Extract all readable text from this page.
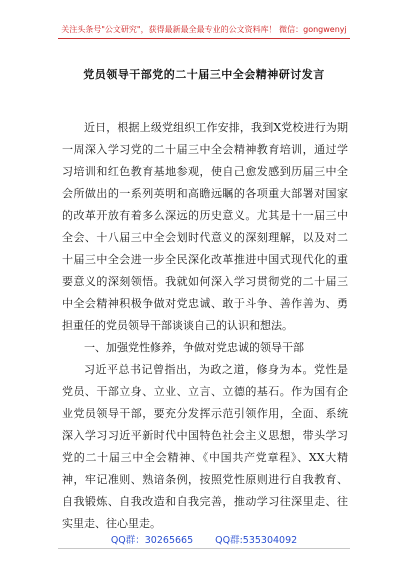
关注头条号"公文研究"，获得最新最全最专业的公文资料库！ 微信：gongwenyj
党员领导干部党的二十届三中全会精神研讨发言
近日，根据上级党组织工作安排，我到X党校进行为期
一周深入学习党的二十届三中全会精神教育培训，通过学
习培训和红色教育基地参观，使自己愈发感到历届三中全
会所做出的一系列英明和高瞻远瞩的各项重大部署对国家
的改革开放有着多么深远的历史意义。尤其是十一届三中
全会、十八届三中全会划时代意义的深刻理解，以及对二
十届三中全会进一步全民深化改革推进中国式现代化的重
要意义的深刻领悟。我就如何深入学习贯彻党的二十届三
中全会精神积极争做对党忠诚、敢于斗争、善作善为、勇
担重任的党员领导干部谈谈自己的认识和想法。
一、加强党性修养，争做对党忠诚的领导干部
习近平总书记曾指出，为政之道，修身为本。党性是
党员、干部立身、立业、立言、立德的基石。作为国有企
业党员领导干部，要充分发挥示范引领作用，全面、系统
深入学习习近平新时代中国特色社会主义思想，带头学习
党的二十届三中全会精神、《中国共产党章程》、XX大精
神，牢记准则、熟谙条例，按照党性原则进行自我教育、
自我锻炼、自我改造和自我完善，推动学习往深里走、往
实里走、往心里走。
QQ群：30265665 QQ群:535304092
